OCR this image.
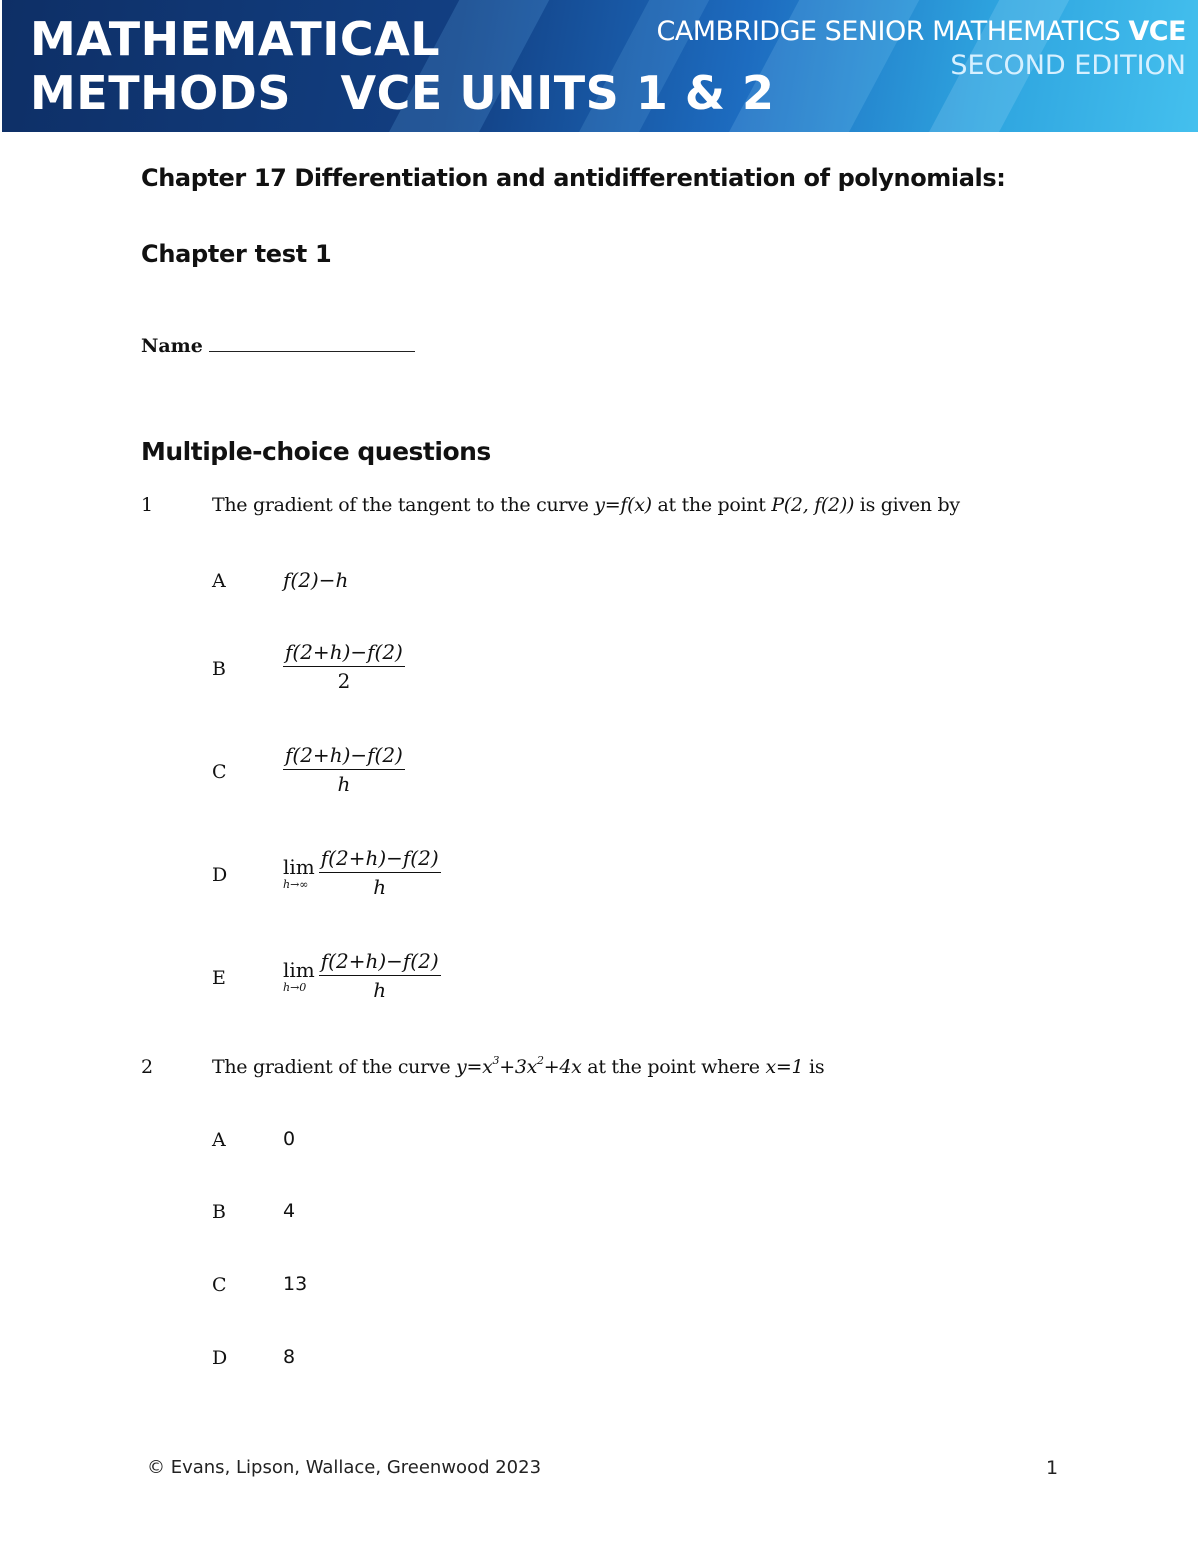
MATHEMATICAL
METHODS   VCE UNITS 1 & 2
CAMBRIDGE SENIOR MATHEMATICS VCE
SECOND EDITION
Chapter 17 Differentiation and antidifferentiation of polynomials:
Chapter test 1
Name
Multiple-choice questions
1	The gradient of the tangent to the curve y=f(x) at the point P(2, f(2)) is given by
A	f(2)−h
B	$\frac{f(2+h)-f(2)}{2}$
C	$\frac{f(2+h)-f(2)}{h}$
D	lim
$h\to\infty \frac{f(2+h)-f(2)}{h}$
E	lim
$h\to 0 \frac{f(2+h)-f(2)}{h}$
2	The gradient of the curve $y=x^3+3x^2+4x$ at the point where x=1 is
A	0
B	4
C	13
D	8
© Evans, Lipson, Wallace, Greenwood 2023	1
